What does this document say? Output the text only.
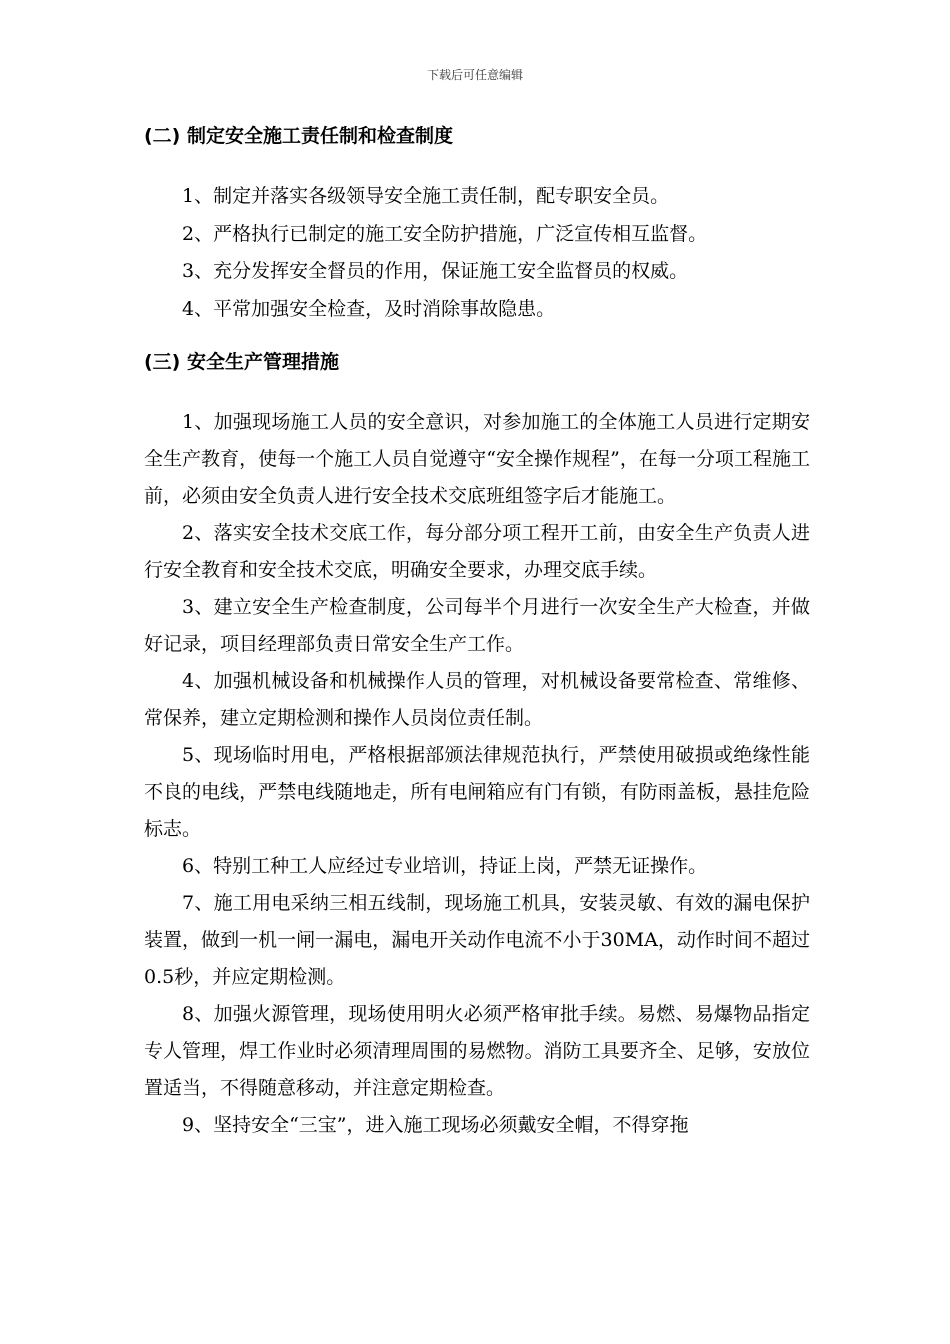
下载后可任意编辑

(二) 制定安全施工责任制和检查制度

1、制定并落实各级领导安全施工责任制，配专职安全员。

2、严格执行已制定的施工安全防护措施，广泛宣传相互监督。

3、充分发挥安全督员的作用，保证施工安全监督员的权威。

4、平常加强安全检查，及时消除事故隐患。

(三) 安全生产管理措施

1、加强现场施工人员的安全意识，对参加施工的全体施工人员进行定期安全生产教育，使每一个施工人员自觉遵守“安全操作规程”，在每一分项工程施工前，必须由安全负责人进行安全技术交底班组签字后才能施工。

2、落实安全技术交底工作，每分部分项工程开工前，由安全生产负责人进行安全教育和安全技术交底，明确安全要求，办理交底手续。

3、建立安全生产检查制度，公司每半个月进行一次安全生产大检查，并做好记录，项目经理部负责日常安全生产工作。

4、加强机械设备和机械操作人员的管理，对机械设备要常检查、常维修、常保养，建立定期检测和操作人员岗位责任制。

5、现场临时用电，严格根据部颁法律规范执行，严禁使用破损或绝缘性能不良的电线，严禁电线随地走，所有电闸箱应有门有锁，有防雨盖板，悬挂危险标志。

6、特别工种工人应经过专业培训，持证上岗，严禁无证操作。

7、施工用电采纳三相五线制，现场施工机具，安装灵敏、有效的漏电保护装置，做到一机一闸一漏电，漏电开关动作电流不小于30MA，动作时间不超过0.5秒，并应定期检测。

8、加强火源管理，现场使用明火必须严格审批手续。易燃、易爆物品指定专人管理，焊工作业时必须清理周围的易燃物。消防工具要齐全、足够，安放位置适当，不得随意移动，并注意定期检查。

9、坚持安全“三宝”，进入施工现场必须戴安全帽，不得穿拖
